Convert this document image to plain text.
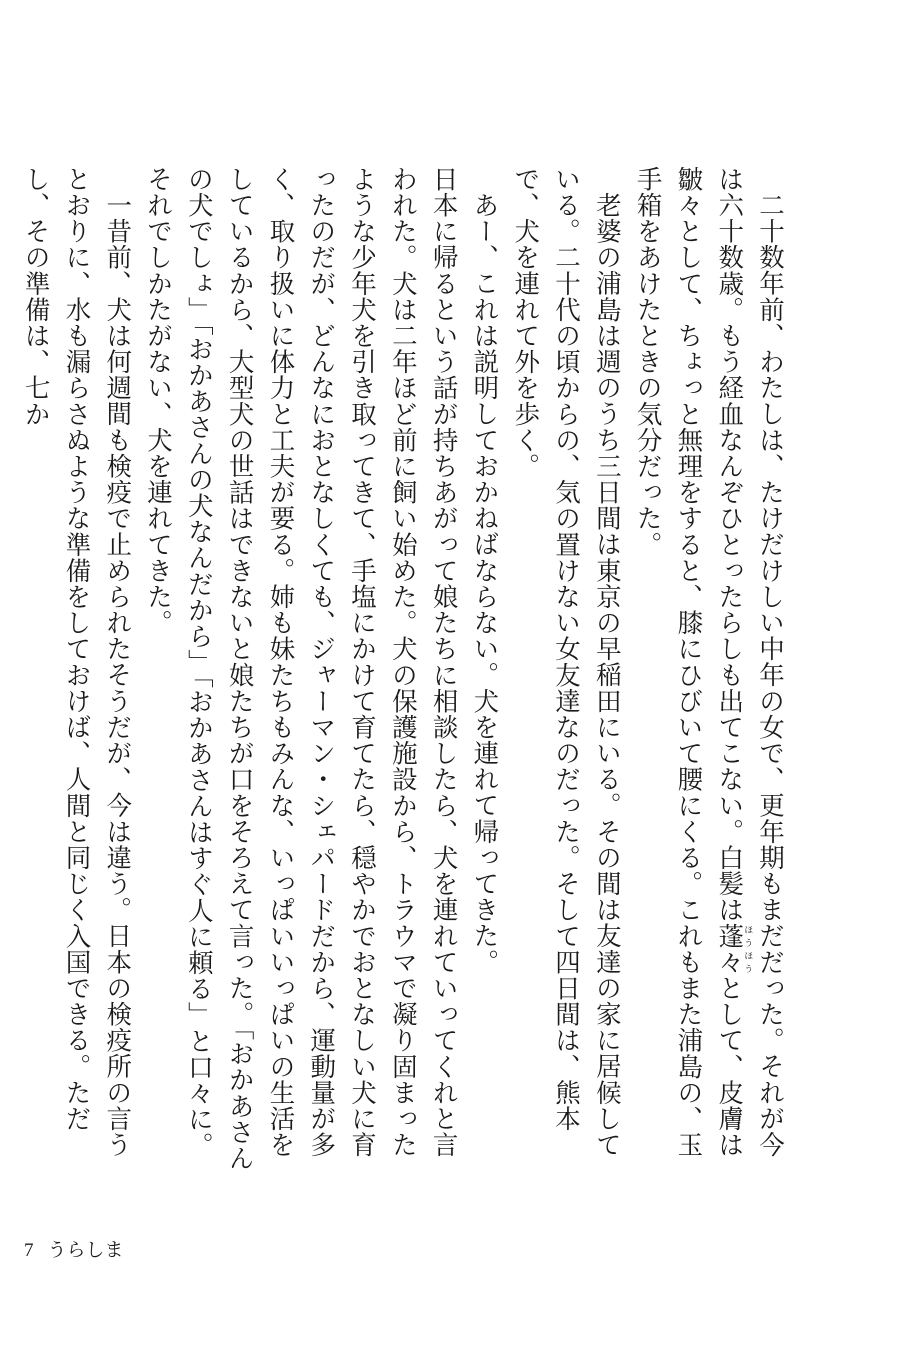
二十数年前、わたしは、たけだけしい中年の女で、更年期もまだだった。それが今は六十数歳。もう経血なんぞひとったらしも出てこない。白髪は蓬々ほうほうとして、皮膚は皺々として、ちょっと無理をすると、膝にひびいて腰にくる。これもまた浦島の、玉手箱をあけたときの気分だった。

老婆の浦島は週のうち三日間は東京の早稲田にいる。その間は友達の家に居候している。二十代の頃からの、気の置けない女友達なのだった。そして四日間は、熊本で、犬を連れて外を歩く。

あー、これは説明しておかねばならない。犬を連れて帰ってきた。

日本に帰るという話が持ちあがって娘たちに相談したら、犬を連れていってくれと言われた。犬は二年ほど前に飼い始めた。犬の保護施設から、トラウマで凝り固まったような少年犬を引き取ってきて、手塩にかけて育てたら、穏やかでおとなしい犬に育ったのだが、どんなにおとなしくても、ジャーマン・シェパードだから、運動量が多く、取り扱いに体力と工夫が要る。姉も妹たちもみんな、いっぱいいっぱいの生活をしているから、大型犬の世話はできないと娘たちが口をそろえて言った。「おかあさんの犬でしょ」「おかあさんの犬なんだから」「おかあさんはすぐ人に頼る」と口々に。それでしかたがない、犬を連れてきた。

一昔前、犬は何週間も検疫で止められたそうだが、今は違う。日本の検疫所の言うとおりに、水も漏らさぬような準備をしておけば、人間と同じく入国できる。ただし、その準備は、七か

7 うらしま
